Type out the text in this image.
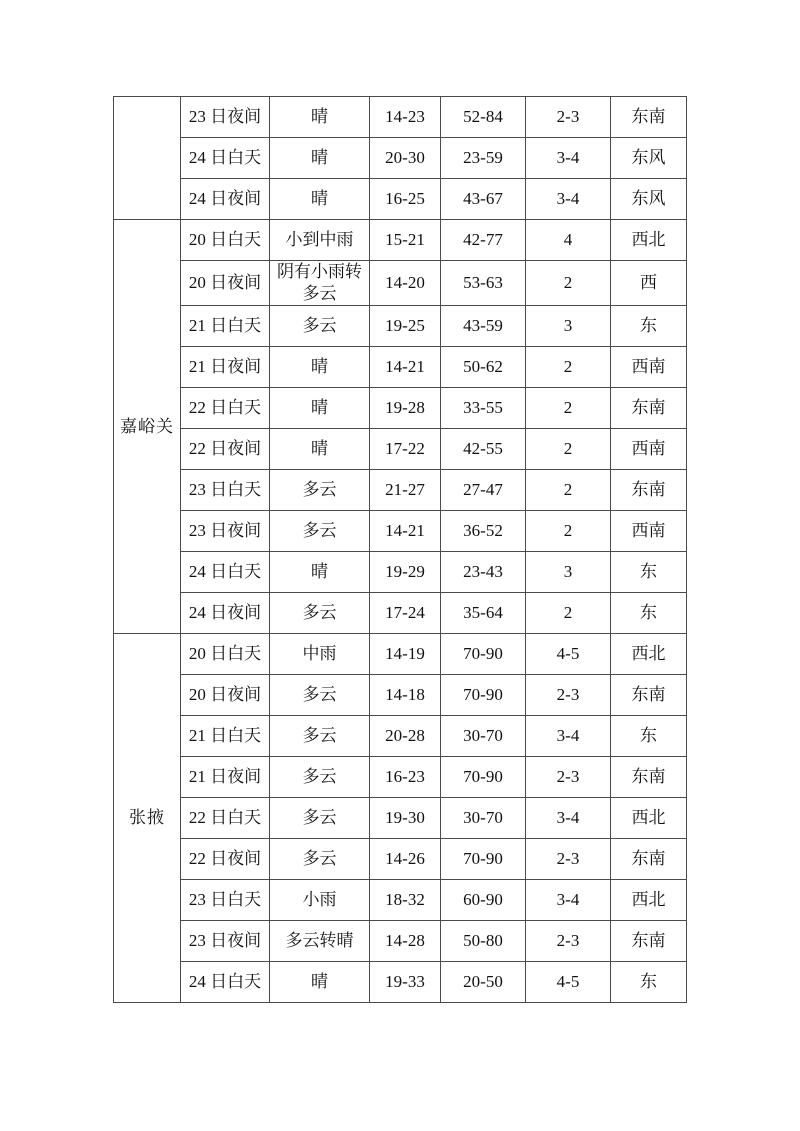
	23 日夜间	晴	14-23	52-84	2-3	东南
	24 日白天	晴	20-30	23-59	3-4	东风
	24 日夜间	晴	16-25	43-67	3-4	东风
嘉峪关	20 日白天	小到中雨	15-21	42-77	4	西北
	20 日夜间	阴有小雨转多云	14-20	53-63	2	西
	21 日白天	多云	19-25	43-59	3	东
	21 日夜间	晴	14-21	50-62	2	西南
	22 日白天	晴	19-28	33-55	2	东南
	22 日夜间	晴	17-22	42-55	2	西南
	23 日白天	多云	21-27	27-47	2	东南
	23 日夜间	多云	14-21	36-52	2	西南
	24 日白天	晴	19-29	23-43	3	东
	24 日夜间	多云	17-24	35-64	2	东
张掖	20 日白天	中雨	14-19	70-90	4-5	西北
	20 日夜间	多云	14-18	70-90	2-3	东南
	21 日白天	多云	20-28	30-70	3-4	东
	21 日夜间	多云	16-23	70-90	2-3	东南
	22 日白天	多云	19-30	30-70	3-4	西北
	22 日夜间	多云	14-26	70-90	2-3	东南
	23 日白天	小雨	18-32	60-90	3-4	西北
	23 日夜间	多云转晴	14-28	50-80	2-3	东南
	24 日白天	晴	19-33	20-50	4-5	东
